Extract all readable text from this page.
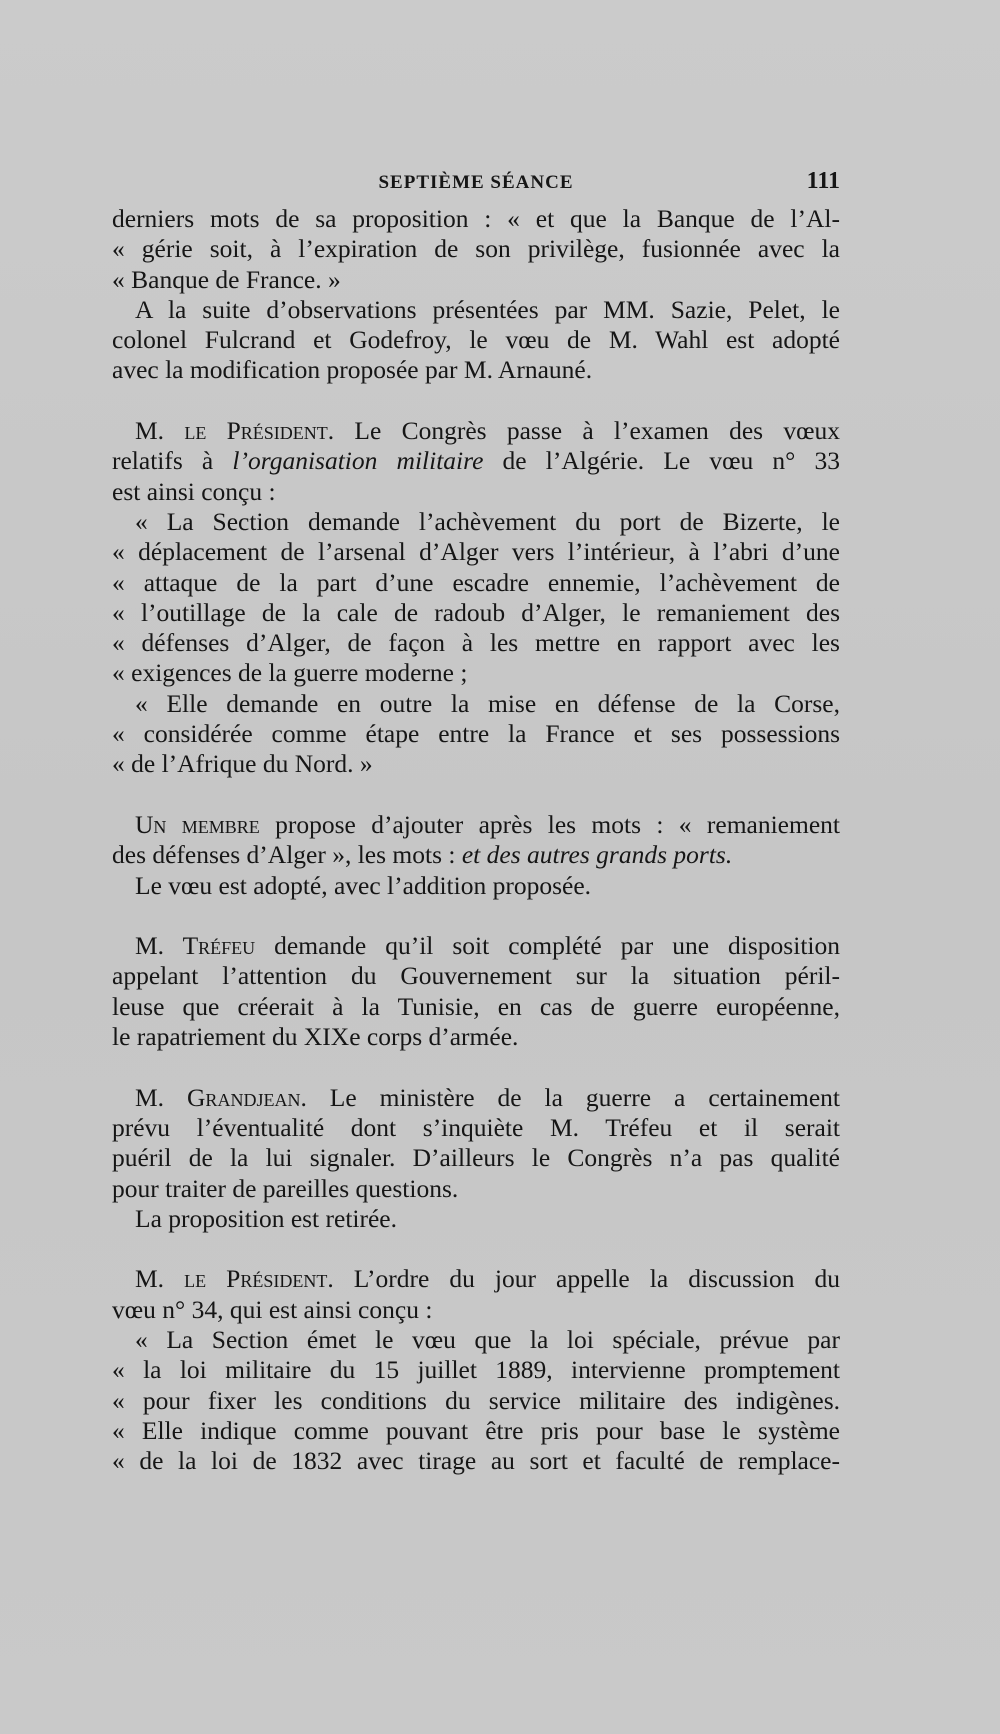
SEPTIÈME SÉANCE	111
derniers mots de sa proposition : « et que la Banque de l’Al-
« gérie soit, à l’expiration de son privilège, fusionnée avec la
« Banque de France. »
A la suite d’observations présentées par MM. Sazie, Pelet, le
colonel Fulcrand et Godefroy, le vœu de M. Wahl est adopté
avec la modification proposée par M. Arnauné.
M. le Président. Le Congrès passe à l’examen des vœux
relatifs à l’organisation militaire de l’Algérie. Le vœu n° 33
est ainsi conçu :
« La Section demande l’achèvement du port de Bizerte, le
« déplacement de l’arsenal d’Alger vers l’intérieur, à l’abri d’une
« attaque de la part d’une escadre ennemie, l’achèvement de
« l’outillage de la cale de radoub d’Alger, le remaniement des
« défenses d’Alger, de façon à les mettre en rapport avec les
« exigences de la guerre moderne ;
« Elle demande en outre la mise en défense de la Corse,
« considérée comme étape entre la France et ses possessions
« de l’Afrique du Nord. »
Un membre propose d’ajouter après les mots : « remaniement
des défenses d’Alger », les mots : et des autres grands ports.
Le vœu est adopté, avec l’addition proposée.
M. Tréfeu demande qu’il soit complété par une disposition
appelant l’attention du Gouvernement sur la situation péril-
leuse que créerait à la Tunisie, en cas de guerre européenne,
le rapatriement du XIXe corps d’armée.
M. Grandjean. Le ministère de la guerre a certainement
prévu l’éventualité dont s’inquiète M. Tréfeu et il serait
puéril de la lui signaler. D’ailleurs le Congrès n’a pas qualité
pour traiter de pareilles questions.
La proposition est retirée.
M. le Président. L’ordre du jour appelle la discussion du
vœu n° 34, qui est ainsi conçu :
« La Section émet le vœu que la loi spéciale, prévue par
« la loi militaire du 15 juillet 1889, intervienne promptement
« pour fixer les conditions du service militaire des indigènes.
« Elle indique comme pouvant être pris pour base le système
« de la loi de 1832 avec tirage au sort et faculté de remplace-
